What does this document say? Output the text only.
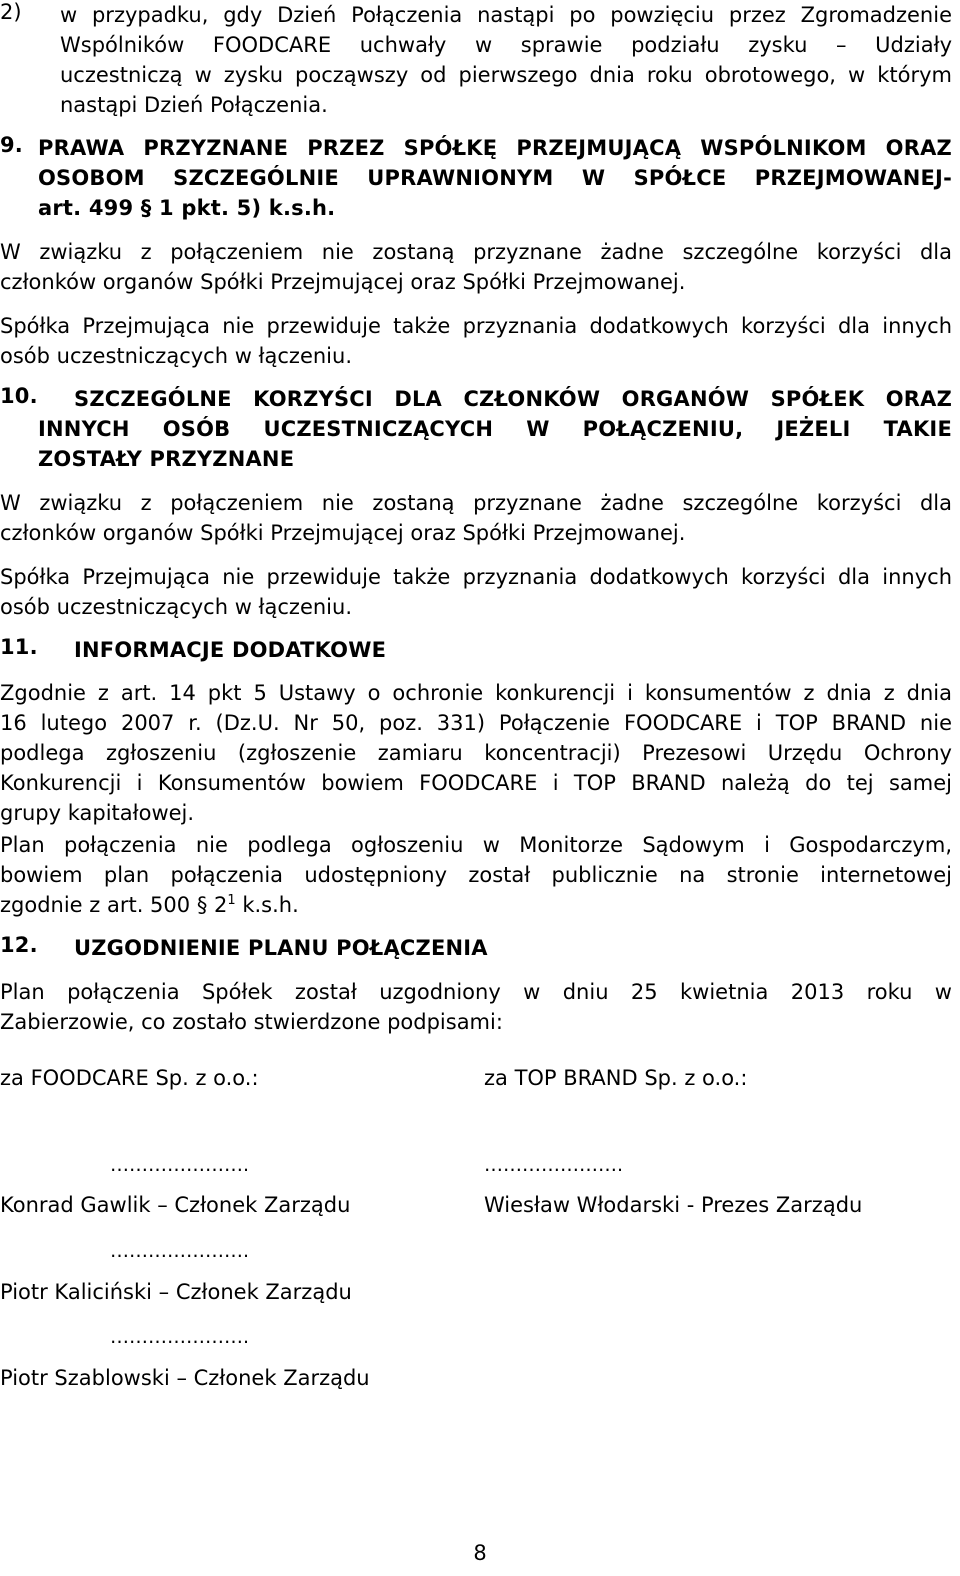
2) w przypadku, gdy Dzień Połączenia nastąpi po powzięciu przez Zgromadzenie

Wspólników FOODCARE uchwały w sprawie podziału zysku – Udziały

uczestniczą w zysku począwszy od pierwszego dnia roku obrotowego, w którym

nastąpi Dzień Połączenia.

9. PRAWA PRZYZNANE PRZEZ SPÓŁKĘ PRZEJMUJĄCĄ WSPÓLNIKOM ORAZ

OSOBOM SZCZEGÓLNIE UPRAWNIONYM W SPÓŁCE PRZEJMOWANEJ-

art. 499 § 1 pkt. 5) k.s.h.

W związku z połączeniem nie zostaną przyznane żadne szczególne korzyści dla

członków organów Spółki Przejmującej oraz Spółki Przejmowanej.

Spółka Przejmująca nie przewiduje także przyznania dodatkowych korzyści dla innych

osób uczestniczących w łączeniu.

10. SZCZEGÓLNE KORZYŚCI DLA CZŁONKÓW ORGANÓW SPÓŁEK ORAZ

INNYCH OSÓB UCZESTNICZĄCYCH W POŁĄCZENIU, JEŻELI TAKIE

ZOSTAŁY PRZYZNANE

W związku z połączeniem nie zostaną przyznane żadne szczególne korzyści dla

członków organów Spółki Przejmującej oraz Spółki Przejmowanej.

Spółka Przejmująca nie przewiduje także przyznania dodatkowych korzyści dla innych

osób uczestniczących w łączeniu.

11. INFORMACJE DODATKOWE

Zgodnie z art. 14 pkt 5 Ustawy o ochronie konkurencji i konsumentów z dnia z dnia

16 lutego 2007 r. (Dz.U. Nr 50, poz. 331) Połączenie FOODCARE i TOP BRAND nie

podlega zgłoszeniu (zgłoszenie zamiaru koncentracji) Prezesowi Urzędu Ochrony

Konkurencji i Konsumentów bowiem FOODCARE i TOP BRAND należą do tej samej

grupy kapitałowej.

Plan połączenia nie podlega ogłoszeniu w Monitorze Sądowym i Gospodarczym,

bowiem plan połączenia udostępniony został publicznie na stronie internetowej

zgodnie z art. 500 § $2^1$ k.s.h.

12. UZGODNIENIE PLANU POŁĄCZENIA

Plan połączenia Spółek został uzgodniony w dniu 25 kwietnia 2013 roku w

Zabierzowie, co zostało stwierdzone podpisami:

za FOODCARE Sp. z o.o.:	za TOP BRAND Sp. z o.o.:
………………….	………………….
Konrad Gawlik – Członek Zarządu	Wiesław Włodarski - Prezes Zarządu
………………….
Piotr Kaliciński – Członek Zarządu
………………….
Piotr Szablowski – Członek Zarządu
8
